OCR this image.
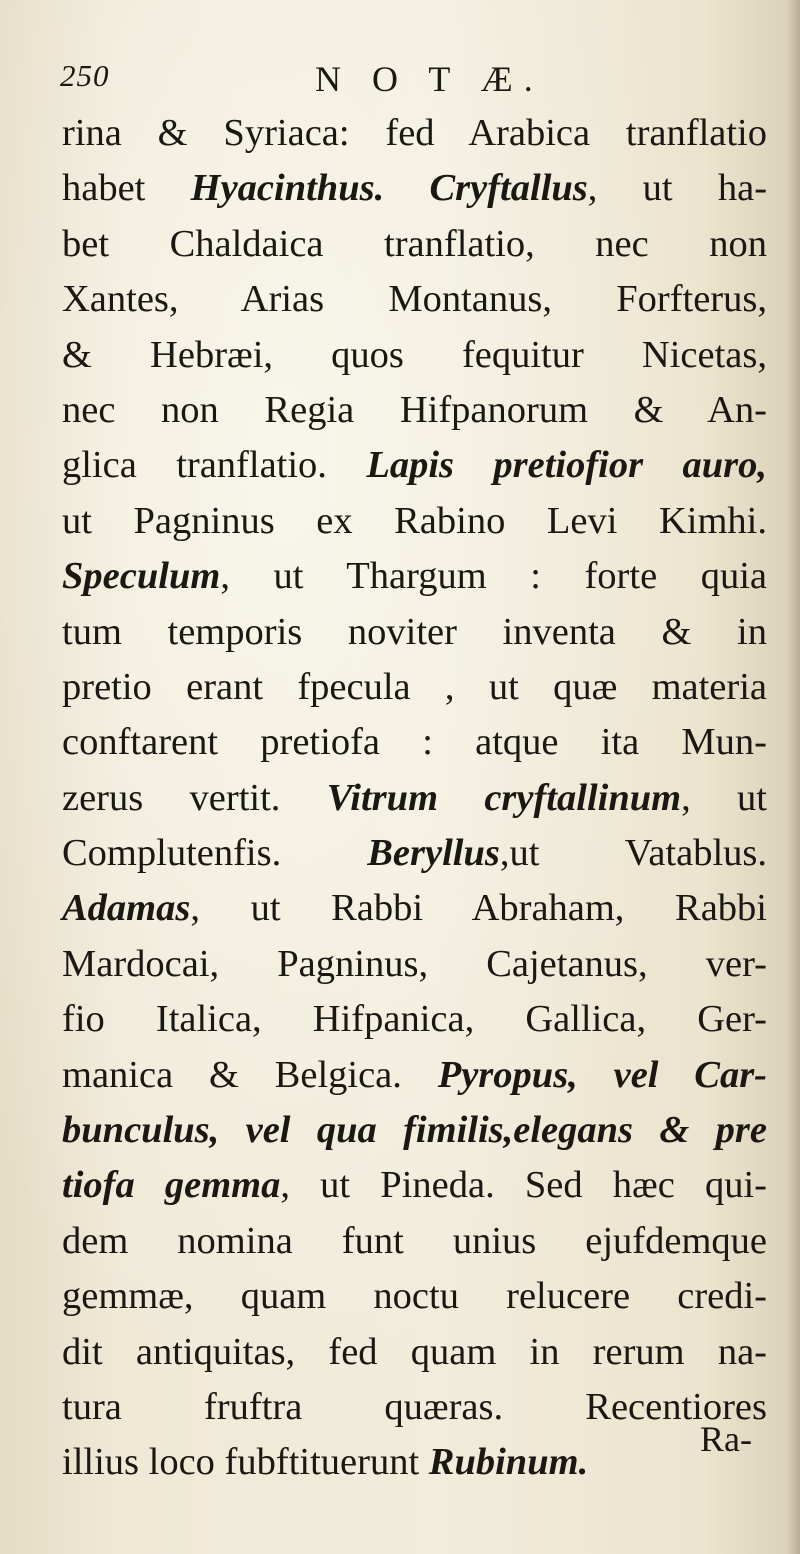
250	N O T Æ.
rina & Syriaca: fed Arabica tranflatio
habet Hyacinthus. Cryftallus, ut ha-
bet Chaldaica tranflatio, nec non
Xantes, Arias Montanus, Forfterus,
& Hebræi, quos fequitur Nicetas,
nec non Regia Hifpanorum & An-
glica tranflatio. Lapis pretiofior auro,
ut Pagninus ex Rabino Levi Kimhi.
Speculum, ut Thargum : forte quia
tum temporis noviter inventa & in
pretio erant fpecula , ut quæ materia
conftarent pretiofa : atque ita Mun-
zerus vertit. Vitrum cryftallinum, ut
Complutenfis. Beryllus,ut Vatablus.
Adamas, ut Rabbi Abraham, Rabbi
Mardocai, Pagninus, Cajetanus, ver-
fio Italica, Hifpanica, Gallica, Ger-
manica & Belgica. Pyropus, vel Car-
bunculus, vel qua fimilis,elegans & pre
tiofa gemma, ut Pineda. Sed hæc qui-
dem nomina funt unius ejufdemque
gemmæ, quam noctu relucere credi-
dit antiquitas, fed quam in rerum na-
tura fruftra quæras. Recentiores
illius loco fubftituerunt Rubinum.
Ra-
